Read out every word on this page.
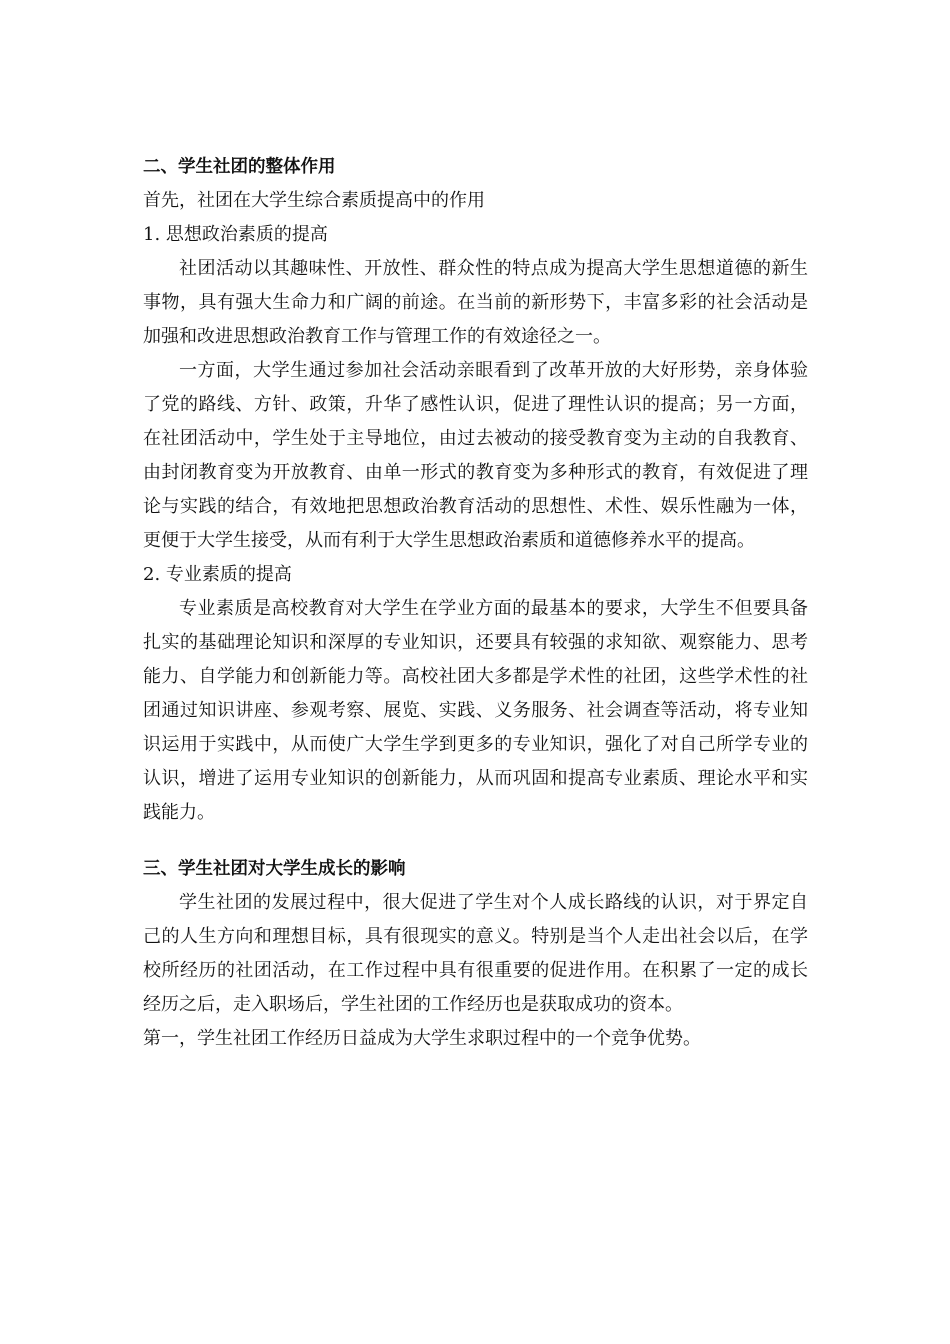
二、学生社团的整体作用
首先，社团在大学生综合素质提高中的作用
1. 思想政治素质的提高

社团活动以其趣味性、开放性、群众性的特点成为提高大学生思想道德的新生事物，具有强大生命力和广阔的前途。在当前的新形势下，丰富多彩的社会活动是加强和改进思想政治教育工作与管理工作的有效途径之一。

一方面，大学生通过参加社会活动亲眼看到了改革开放的大好形势，亲身体验了党的路线、方针、政策，升华了感性认识，促进了理性认识的提高；另一方面，在社团活动中，学生处于主导地位，由过去被动的接受教育变为主动的自我教育、由封闭教育变为开放教育、由单一形式的教育变为多种形式的教育，有效促进了理论与实践的结合，有效地把思想政治教育活动的思想性、术性、娱乐性融为一体，更便于大学生接受，从而有利于大学生思想政治素质和道德修养水平的提高。

2. 专业素质的提高

专业素质是高校教育对大学生在学业方面的最基本的要求，大学生不但要具备扎实的基础理论知识和深厚的专业知识，还要具有较强的求知欲、观察能力、思考能力、自学能力和创新能力等。高校社团大多都是学术性的社团，这些学术性的社团通过知识讲座、参观考察、展览、实践、义务服务、社会调查等活动，将专业知识运用于实践中，从而使广大学生学到更多的专业知识，强化了对自己所学专业的认识，增进了运用专业知识的创新能力，从而巩固和提高专业素质、理论水平和实践能力。

三、学生社团对大学生成长的影响

学生社团的发展过程中，很大促进了学生对个人成长路线的认识，对于界定自己的人生方向和理想目标，具有很现实的意义。特别是当个人走出社会以后，在学校所经历的社团活动，在工作过程中具有很重要的促进作用。在积累了一定的成长经历之后，走入职场后，学生社团的工作经历也是获取成功的资本。

第一，学生社团工作经历日益成为大学生求职过程中的一个竞争优势。
